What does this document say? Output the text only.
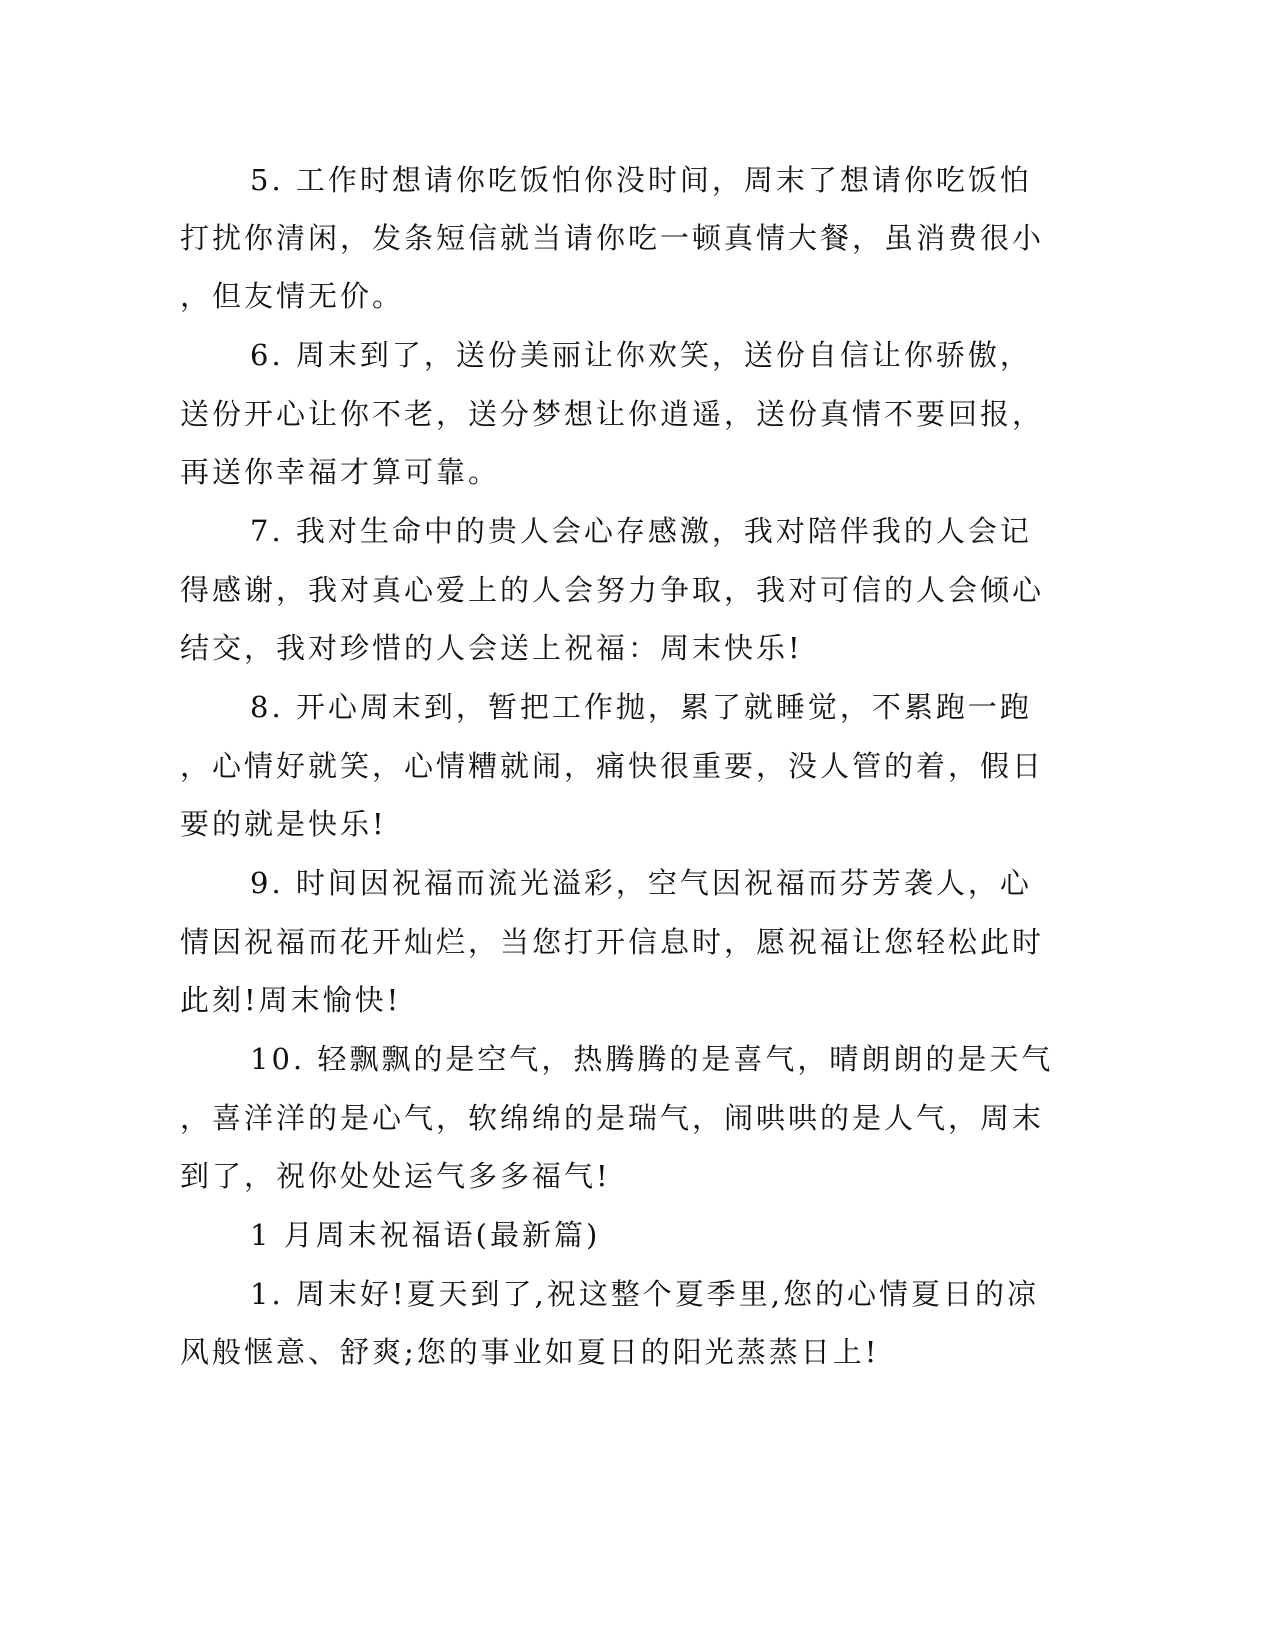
5. 工作时想请你吃饭怕你没时间，周末了想请你吃饭怕
打扰你清闲，发条短信就当请你吃一顿真情大餐，虽消费很小
，但友情无价。
6. 周末到了，送份美丽让你欢笑，送份自信让你骄傲，
送份开心让你不老，送分梦想让你逍遥，送份真情不要回报，
再送你幸福才算可靠。
7. 我对生命中的贵人会心存感激，我对陪伴我的人会记
得感谢，我对真心爱上的人会努力争取，我对可信的人会倾心
结交，我对珍惜的人会送上祝福：周末快乐!
8. 开心周末到，暂把工作抛，累了就睡觉，不累跑一跑
，心情好就笑，心情糟就闹，痛快很重要，没人管的着，假日
要的就是快乐!
9. 时间因祝福而流光溢彩，空气因祝福而芬芳袭人，心
情因祝福而花开灿烂，当您打开信息时，愿祝福让您轻松此时
此刻!周末愉快!
10. 轻飘飘的是空气，热腾腾的是喜气，晴朗朗的是天气
，喜洋洋的是心气，软绵绵的是瑞气，闹哄哄的是人气，周末
到了，祝你处处运气多多福气!
1 月周末祝福语(最新篇)
1. 周末好!夏天到了,祝这整个夏季里,您的心情夏日的凉
风般惬意、舒爽;您的事业如夏日的阳光蒸蒸日上!
